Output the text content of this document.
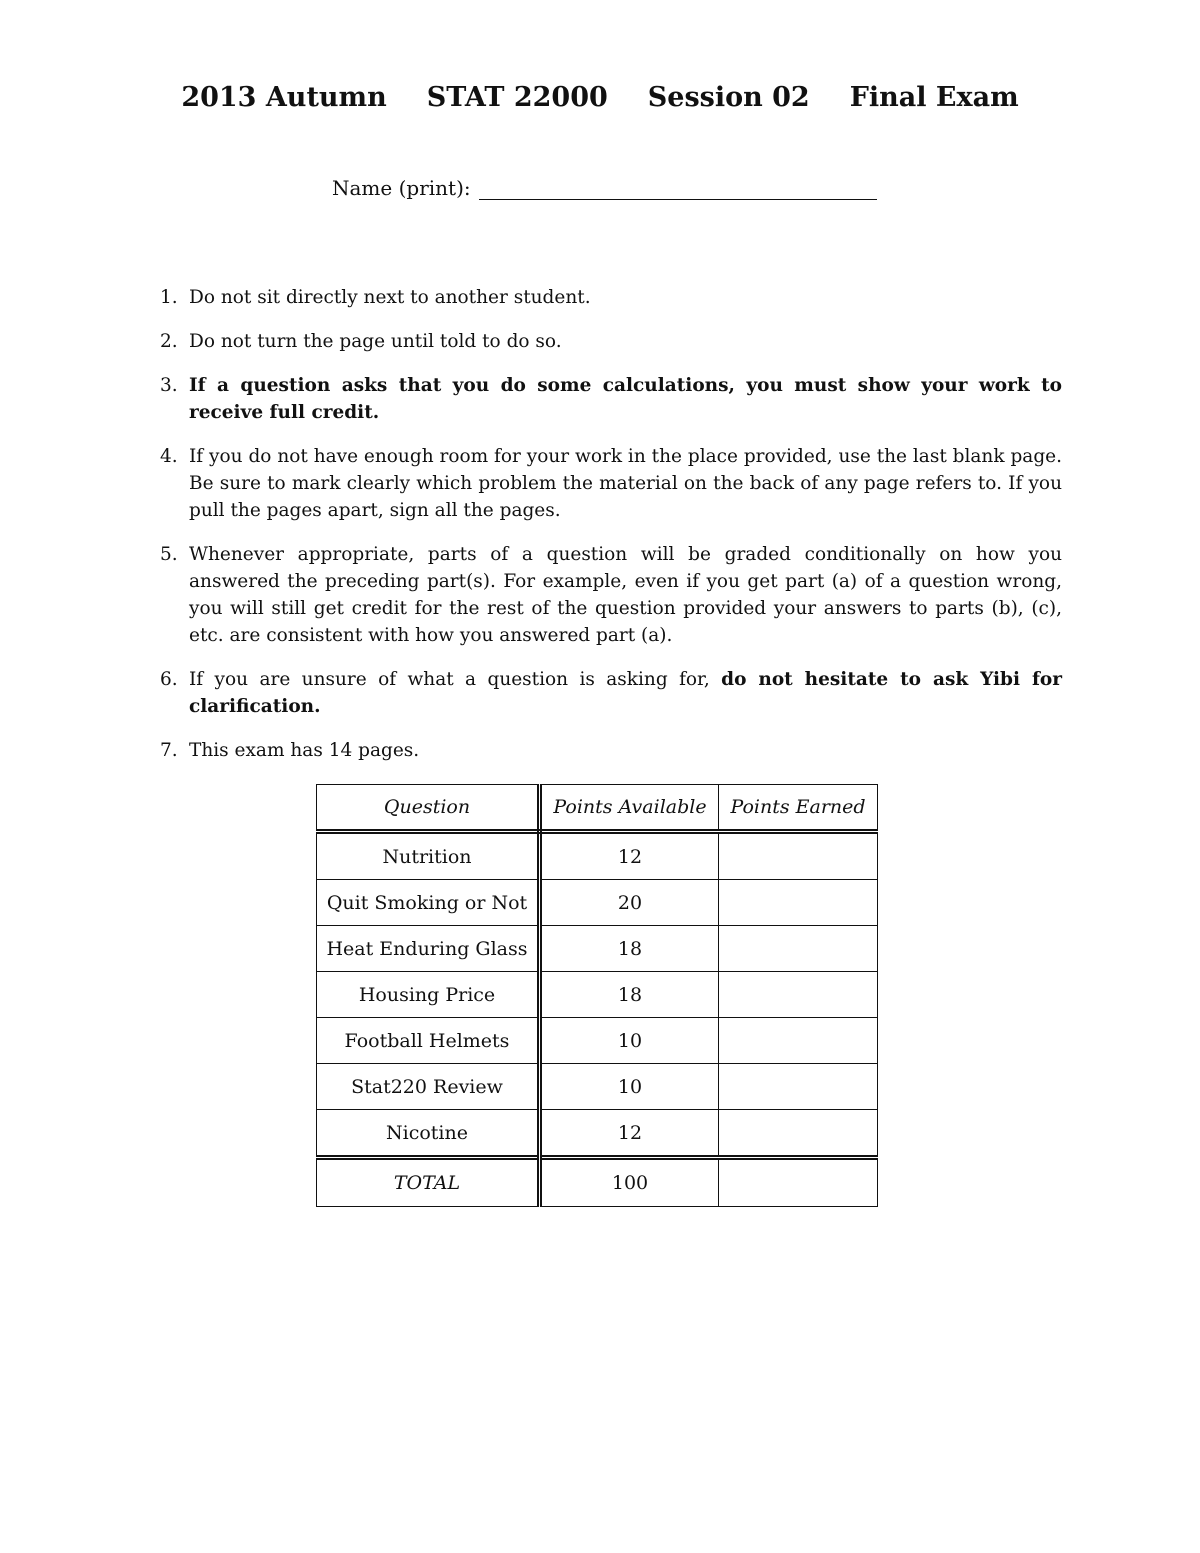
2013 Autumn STAT 22000 Session 02 Final Exam
Name (print):
1. Do not sit directly next to another student.
2. Do not turn the page until told to do so.
3. If a question asks that you do some calculations, you must show your work to receive full credit.
4. If you do not have enough room for your work in the place provided, use the last blank page. Be sure to mark clearly which problem the material on the back of any page refers to. If you pull the pages apart, sign all the pages.
5. Whenever appropriate, parts of a question will be graded conditionally on how you answered the preceding part(s). For example, even if you get part (a) of a question wrong, you will still get credit for the rest of the question provided your answers to parts (b), (c), etc. are consistent with how you answered part (a).
6. If you are unsure of what a question is asking for, do not hesitate to ask Yibi for clarification.
7. This exam has 14 pages.
Question	Points Available	Points Earned
Nutrition	12	
Quit Smoking or Not	20	
Heat Enduring Glass	18	
Housing Price	18	
Football Helmets	10	
Stat220 Review	10	
Nicotine	12	
TOTAL	100	
